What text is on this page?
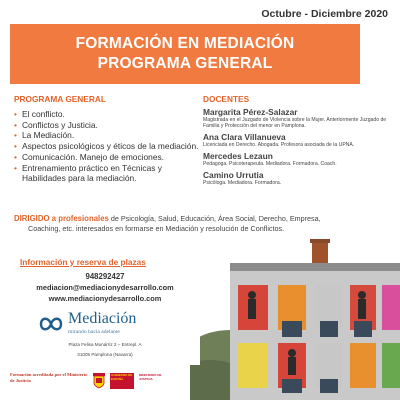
Octubre - Diciembre 2020
FORMACIÓN EN MEDIACIÓN
PROGRAMA GENERAL
PROGRAMA GENERAL
• El conflicto.
• Conflictos y Justicia.
• La Mediación.
• Aspectos psicológicos y éticos de la mediación.
• Comunicación. Manejo de emociones.
• Entrenamiento práctico en Técnicas y Habilidades para la mediación.
DOCENTES
Margarita Pérez-Salazar
Magistrada en el Juzgado de Violencia sobre la Mujer. Anteriormente Juzgado de Familia y Protección del menor en Pamplona.
Ana Clara Villanueva
Licenciada en Derecho. Abogada. Profesora asociada de la UPNA.
Mercedes Lezaun
Pedagoga. Psicoterapeuta. Mediadora. Formadora. Coach.
Camino Urrutia
Psicóloga. Mediadora. Formadora.
DIRIGIDO a profesionales de Psicología, Salud, Educación, Área Social, Derecho, Empresa,
Coaching, etc. interesados en formarse en Mediación y resolución de Conflictos.
Información y reserva de plazas
948292427
mediacion@mediacionydesarrollo.com
www.mediacionydesarrollo.com
Mediación
mirando hacia adelante
Plaza Felisa Munárriz 2 – Entrepl. A
31005 Pamplona (Navarra)
Formación acreditada por el Ministerio de Justicia
GOBIERNO DE ESPAÑA
MINISTERIO DE JUSTICIA
